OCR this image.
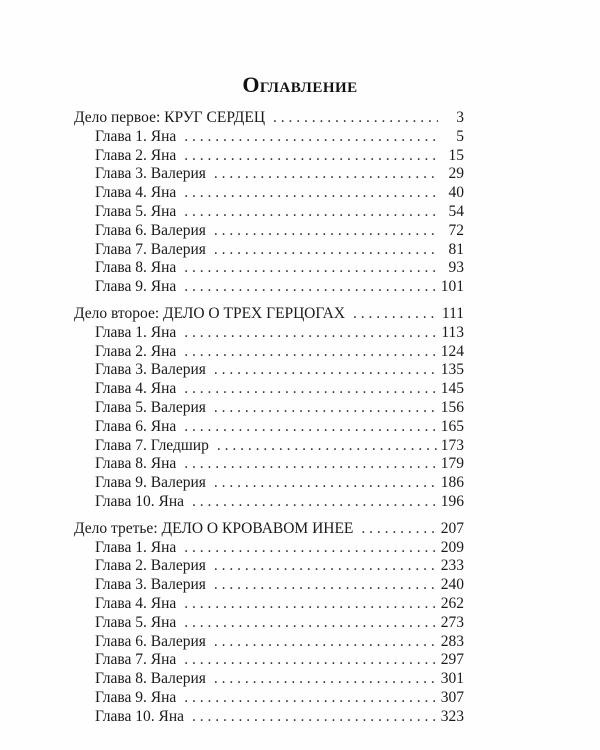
Оглавление
Дело первое: КРУГ СЕРДЕЦ . . .	3
Глава 1. Яна . . .	5
Глава 2. Яна . . .	15
Глава 3. Валерия . . .	29
Глава 4. Яна . . .	40
Глава 5. Яна . . .	54
Глава 6. Валерия . . .	72
Глава 7. Валерия . . .	81
Глава 8. Яна . . .	93
Глава 9. Яна . . .	101
Дело второе: ДЕЛО О ТРЕХ ГЕРЦОГАХ . . .	111
Глава 1. Яна . . .	113
Глава 2. Яна . . .	124
Глава 3. Валерия . . .	135
Глава 4. Яна . . .	145
Глава 5. Валерия . . .	156
Глава 6. Яна . . .	165
Глава 7. Гледшир . . .	173
Глава 8. Яна . . .	179
Глава 9. Валерия . . .	186
Глава 10. Яна . . .	196
Дело третье: ДЕЛО О КРОВАВОМ ИНЕЕ . . .	207
Глава 1. Яна . . .	209
Глава 2. Валерия . . .	233
Глава 3. Валерия . . .	240
Глава 4. Яна . . .	262
Глава 5. Яна . . .	273
Глава 6. Валерия . . .	283
Глава 7. Яна . . .	297
Глава 8. Валерия . . .	301
Глава 9. Яна . . .	307
Глава 10. Яна . . .	323
